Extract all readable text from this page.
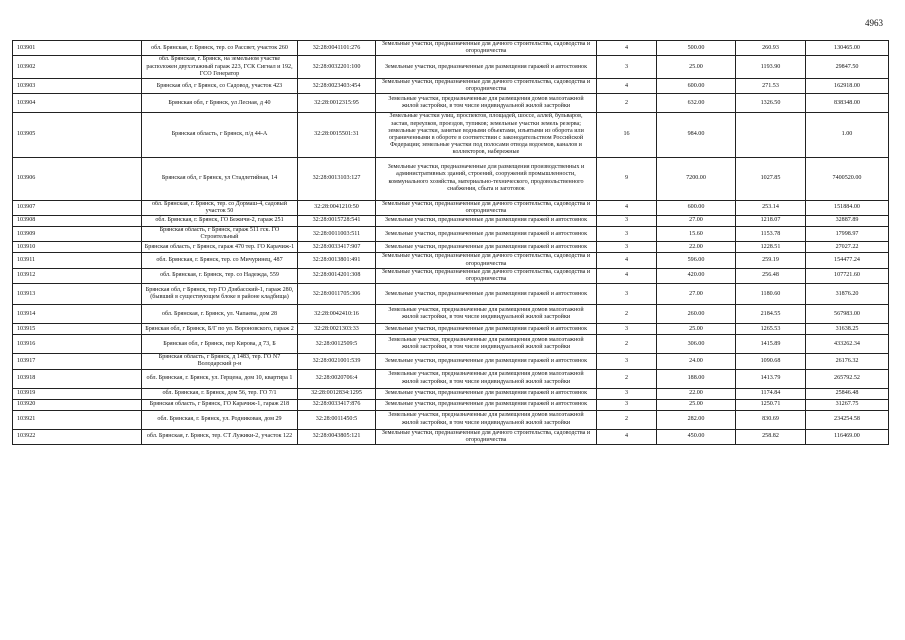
4963
103901	обл. Брянская, г. Брянск, тер. со Рассвет, участок 260	32:28:0041101:276	Земельные участки, предназначенные для дачного строительства, садоводства и огородничества	4	500.00	260.93	130465.00
103902	обл. Брянская, г. Брянск, на земельном участке расположен двухэтажный гараж 223, ГСК Сигнал и 192, ГСО Генератор	32:28:0032201:100	Земельные участки, предназначенные для размещения гаражей и автостоянок	3	25.00	1193.90	29847.50
103903	Брянская обл, г Брянск, со Садовод, участок 423	32:28:0023403:454	Земельные участки, предназначенные для дачного строительства, садоводства и огородничества	4	600.00	271.53	162918.00
103904	Брянская обл, г Брянск, ул Лесная, д 40	32:28:0012315:95	Земельные участки, предназначенные для размещения домов малоэтажной жилой застройки, в том числе индивидуальной жилой застройки	2	632.00	1326.50	838348.00
103905	Брянская область, г Брянск, п/д 44-А	32:28:0015501:31	Земельные участки улиц, проспектов, площадей, шоссе, аллей, бульваров, застав, переулков, проездов, тупиков; земельные участки земель резерва; земельные участки, занятые водными объектами, изъятыми из оборота или ограниченными в обороте в соответствии с законодательством Российской Федерации; земельные участки под полосами отвода водоемов, каналов и коллекторов, набережные	16	984.00		1.00
103906	Брянская обл, г Брянск, ул Стадлетийная, 14	32:28:0013103:127	Земельные участки, предназначенные для размещения производственных и административных зданий, строений, сооружений промышленности, коммунального хозяйства, материально-технического, продовольственного снабжения, сбыта и заготовок	9	7200.00	1027.85	7400520.00
103907	обл. Брянская, г. Брянск, тер. со Дормаш-4, садовый участок 50	32:28:0041210:50	Земельные участки, предназначенные для дачного строительства, садоводства и огородничества	4	600.00	253.14	151884.00
103908	обл. Брянская, г. Брянск, ГО Бежичи-2, гараж 251	32:28:0015728:541	Земельные участки, предназначенные для размещения гаражей и автостоянок	3	27.00	1218.07	32887.89
103909	Брянская область, г Брянск, гараж 511 гск. ГО Строительный	32:28:0011003:511	Земельные участки, предназначенные для размещения гаражей и автостоянок	3	15.60	1153.78	17998.97
103910	Брянская область, г Брянск, гараж 470 тер. ГО Карачиж-1	32:28:0033417:907	Земельные участки, предназначенные для размещения гаражей и автостоянок	3	22.00	1228.51	27027.22
103911	обл. Брянская, г. Брянск, тер. со Мичуринец, 487	32:28:0013801:491	Земельные участки, предназначенные для дачного строительства, садоводства и огородничества	4	596.00	259.19	154477.24
103912	обл. Брянская, г. Брянск, тер. со Надежда, 559	32:28:0014201:308	Земельные участки, предназначенные для дачного строительства, садоводства и огородничества	4	420.00	256.48	107721.60
103913	Брянская обл, г Брянск, тер ГО Дзябасский-1, гараж 280, (бывший в существующем блоке в районе кладбища)	32:28:0011705:306	Земельные участки, предназначенные для размещения гаражей и автостоянок	3	27.00	1180.60	31876.20
103914	обл. Брянская, г. Брянск, ул. Чапаева, дом 28	32:28:0042410:16	Земельные участки, предназначенные для размещения домов малоэтажной жилой застройки, в том числе индивидуальной жилой застройки	2	260.00	2184.55	567983.00
103915	Брянская обл, г Брянск, Б/Г по ул. Вороновского, гараж 2	32:28:0021303:33	Земельные участки, предназначенные для размещения гаражей и автостоянок	3	25.00	1265.53	31638.25
103916	Брянская обл, г Брянск, пер Кирова, д 73, Б	32:28:0012509:5	Земельные участки, предназначенные для размещения домов малоэтажной жилой застройки, в том числе индивидуальной жилой застройки	2	306.00	1415.89	433262.34
103917	Брянская область, г Брянск, д 1483, тер. ГО N7 Володарский р-н	32:28:0021001:539	Земельные участки, предназначенные для размещения гаражей и автостоянок	3	24.00	1090.68	26176.32
103918	обл. Брянская, г. Брянск, ул. Герцена, дом 10, квартира 1	32:28:0020706:4	Земельные участки, предназначенные для размещения домов малоэтажной жилой застройки, в том числе индивидуальной жилой застройки	2	188.00	1413.79	265792.52
103919	обл. Брянская, г. Брянск, дом 56, тер. ГО 7/1	32:28:0012834:1295	Земельные участки, предназначенные для размещения гаражей и автостоянок	3	22.00	1174.84	25846.48
103920	Брянская область, г Брянск, ГО Карачиж-1, гараж 218	32:28:0033417:876	Земельные участки, предназначенные для размещения гаражей и автостоянок	3	25.00	1250.71	31267.75
103921	обл. Брянская, г. Брянск, ул. Родниковая, дом 29	32:28:0011450:5	Земельные участки, предназначенные для размещения домов малоэтажной жилой застройки, в том числе индивидуальной жилой застройки	2	282.00	830.69	234254.58
103922	обл. Брянская, г. Брянск, тер. СТ Лужики-2, участок 122	32:28:0043805:121	Земельные участки, предназначенные для дачного строительства, садоводства и огородничества	4	450.00	258.82	116469.00
